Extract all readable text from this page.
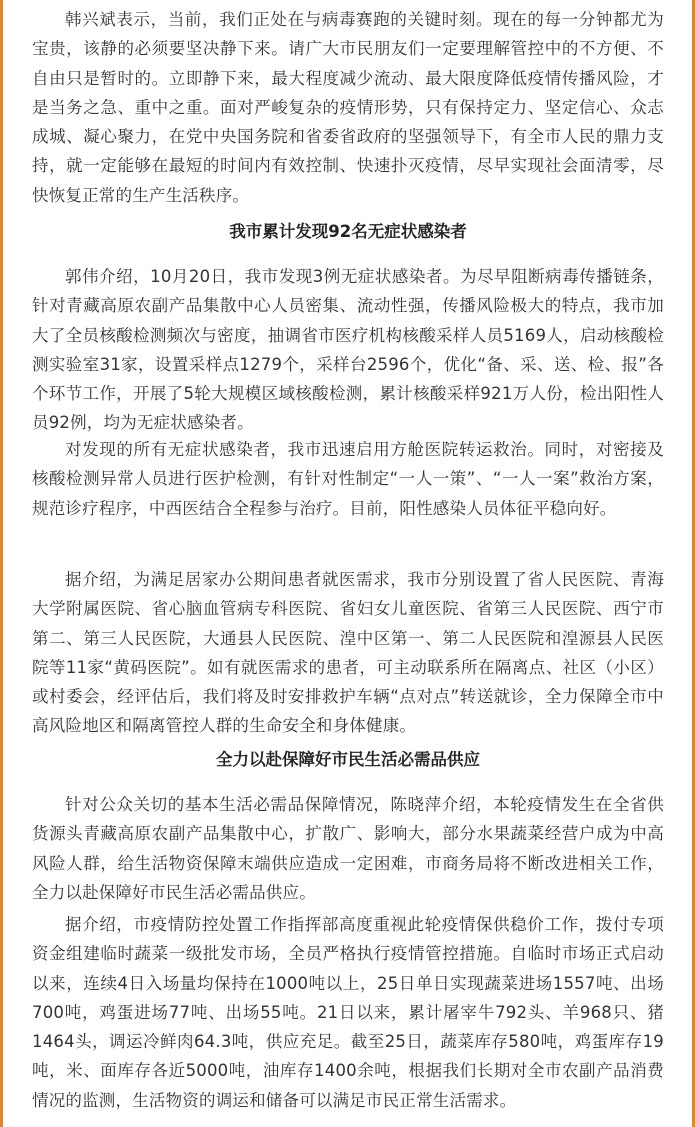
韩兴斌表示，当前，我们正处在与病毒赛跑的关键时刻。现在的每一分钟都尤为宝贵，该静的必须要坚决静下来。请广大市民朋友们一定要理解管控中的不方便、不自由只是暂时的。立即静下来，最大程度减少流动、最大限度降低疫情传播风险，才是当务之急、重中之重。面对严峻复杂的疫情形势，只有保持定力、坚定信心、众志成城、凝心聚力，在党中央国务院和省委省政府的坚强领导下，有全市人民的鼎力支持，就一定能够在最短的时间内有效控制、快速扑灭疫情，尽早实现社会面清零，尽快恢复正常的生产生活秩序。

我市累计发现92名无症状感染者

郭伟介绍，10月20日，我市发现3例无症状感染者。为尽早阻断病毒传播链条，针对青藏高原农副产品集散中心人员密集、流动性强，传播风险极大的特点，我市加大了全员核酸检测频次与密度，抽调省市医疗机构核酸采样人员5169人，启动核酸检测实验室31家，设置采样点1279个，采样台2596个，优化“备、采、送、检、报”各个环节工作，开展了5轮大规模区域核酸检测，累计核酸采样921万人份，检出阳性人员92例，均为无症状感染者。

对发现的所有无症状感染者，我市迅速启用方舱医院转运救治。同时，对密接及核酸检测异常人员进行医护检测，有针对性制定“一人一策”、“一人一案”救治方案，规范诊疗程序，中西医结合全程参与治疗。目前，阳性感染人员体征平稳向好。

据介绍，为满足居家办公期间患者就医需求，我市分别设置了省人民医院、青海大学附属医院、省心脑血管病专科医院、省妇女儿童医院、省第三人民医院、西宁市第二、第三人民医院，大通县人民医院、湟中区第一、第二人民医院和湟源县人民医院等11家“黄码医院”。如有就医需求的患者，可主动联系所在隔离点、社区（小区）或村委会，经评估后，我们将及时安排救护车辆“点对点”转送就诊，全力保障全市中高风险地区和隔离管控人群的生命安全和身体健康。

全力以赴保障好市民生活必需品供应

针对公众关切的基本生活必需品保障情况，陈晓萍介绍，本轮疫情发生在全省供货源头青藏高原农副产品集散中心，扩散广、影响大，部分水果蔬菜经营户成为中高风险人群，给生活物资保障末端供应造成一定困难，市商务局将不断改进相关工作，全力以赴保障好市民生活必需品供应。

据介绍，市疫情防控处置工作指挥部高度重视此轮疫情保供稳价工作，拨付专项资金组建临时蔬菜一级批发市场，全员严格执行疫情管控措施。自临时市场正式启动以来，连续4日入场量均保持在1000吨以上，25日单日实现蔬菜进场1557吨、出场700吨，鸡蛋进场77吨、出场55吨。21日以来，累计屠宰牛792头、羊968只、猪1464头，调运冷鲜肉64.3吨，供应充足。截至25日，蔬菜库存580吨，鸡蛋库存19吨，米、面库存各近5000吨，油库存1400余吨，根据我们长期对全市农副产品消费情况的监测，生活物资的调运和储备可以满足市民正常生活需求。
